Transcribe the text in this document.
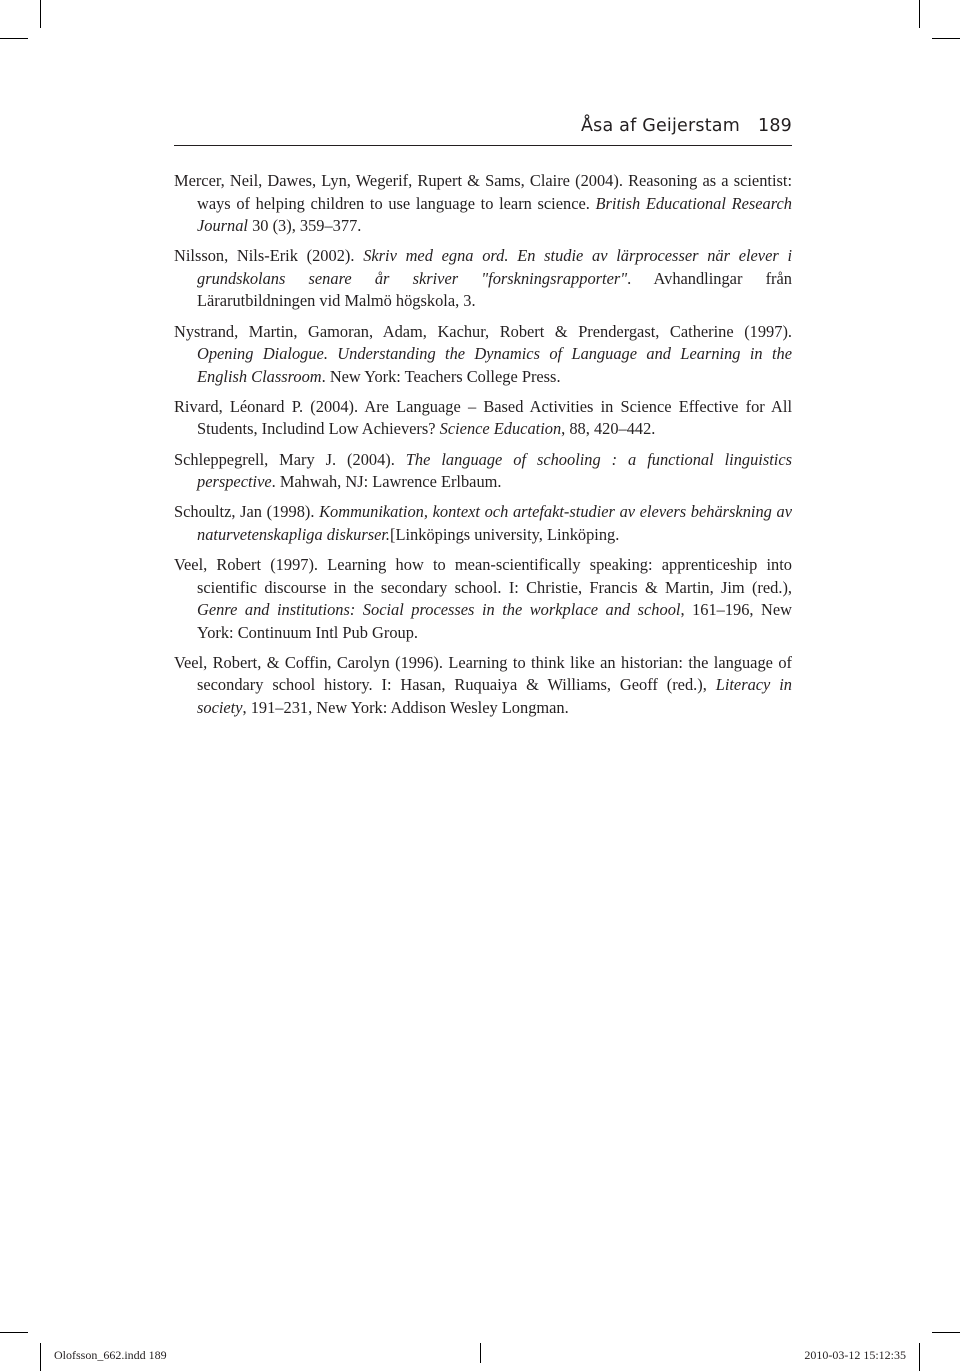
Åsa af Geijerstam 189

Mercer, Neil, Dawes, Lyn, Wegerif, Rupert & Sams, Claire (2004). Reasoning as a scientist: ways of helping children to use language to learn science. British Educational Research Journal 30 (3), 359–377.

Nilsson, Nils-Erik (2002). Skriv med egna ord. En studie av lärprocesser när elever i grundskolans senare år skriver "forskningsrapporter". Avhandlingar från Lärarutbildningen vid Malmö högskola, 3.

Nystrand, Martin, Gamoran, Adam, Kachur, Robert & Prendergast, Catherine (1997). Opening Dialogue. Understanding the Dynamics of Language and Learning in the English Classroom. New York: Teachers College Press.

Rivard, Léonard P. (2004). Are Language – Based Activities in Science Effective for All Students, Includind Low Achievers? Science Education, 88, 420–442.

Schleppegrell, Mary J. (2004). The language of schooling : a functional linguistics perspective. Mahwah, NJ: Lawrence Erlbaum.

Schoultz, Jan (1998). Kommunikation, kontext och artefakt-studier av elevers behärskning av naturvetenskapliga diskurser.[Linköpings university, Linköping.

Veel, Robert (1997). Learning how to mean-scientifically speaking: apprenticeship into scientific discourse in the secondary school. I: Christie, Francis & Martin, Jim (red.), Genre and institutions: Social processes in the workplace and school, 161–196, New York: Continuum Intl Pub Group.

Veel, Robert, & Coffin, Carolyn (1996). Learning to think like an historian: the language of secondary school history. I: Hasan, Ruquaiya & Williams, Geoff (red.), Literacy in society, 191–231, New York: Addison Wesley Longman.

Olofsson_662.indd 189	2010-03-12 15:12:35
